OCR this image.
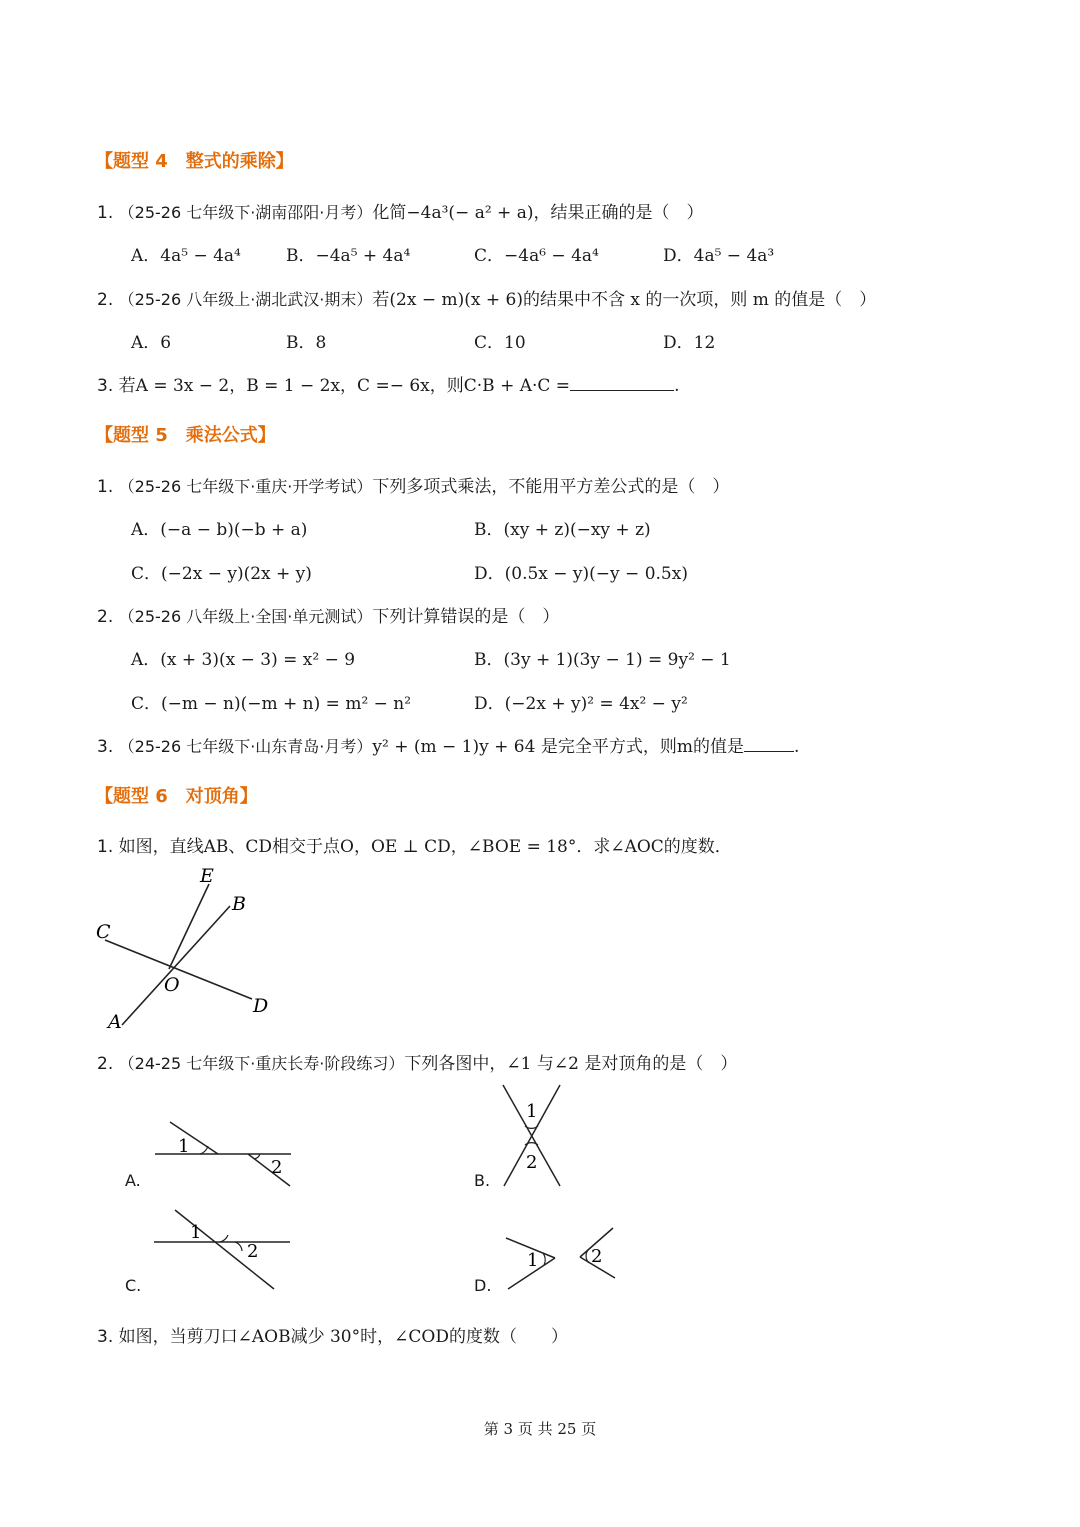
【题型 4　整式的乘除】
1. （25-26 七年级下·湖南邵阳·月考）化简−4a³(− a² + a)，结果正确的是（　）
A．4a⁵ − 4a⁴	B．−4a⁵ + 4a⁴	C．−4a⁶ − 4a⁴	D．4a⁵ − 4a³
2. （25-26 八年级上·湖北武汉·期末）若(2x − m)(x + 6)的结果中不含 x 的一次项，则 m 的值是（　）
A．6	B．8	C．10	D．12
3. 若A = 3x − 2，B = 1 − 2x，C =− 6x，则C·B + A·C =	.
【题型 5　乘法公式】
1. （25-26 七年级下·重庆·开学考试）下列多项式乘法，不能用平方差公式的是（　）
A．(−a − b)(−b + a)	B．(xy + z)(−xy + z)
C．(−2x − y)(2x + y)	D．(0.5x − y)(−y − 0.5x)
2. （25-26 八年级上·全国·单元测试）下列计算错误的是（　）
A．(x + 3)(x − 3) = x² − 9	B．(3y + 1)(3y − 1) = 9y² − 1
C．(−m − n)(−m + n) = m² − n²	D．(−2x + y)² = 4x² − y²
3. （25-26 七年级下·山东青岛·月考）y² + (m − 1)y + 64 是完全平方式，则m的值是	.
【题型 6　对顶角】
1. 如图，直线AB、CD相交于点O，OE ⊥ CD，∠BOE = 18°．求∠AOC的度数．
E
B
C
O
D
A
2. （24-25 七年级下·重庆长寿·阶段练习）下列各图中，∠1 与∠2 是对顶角的是（　）
A.
1
2
B.
1
2
C.
1
2
D.
1	2
3. 如图，当剪刀口∠AOB减少 30°时，∠COD的度数（　　）
第 3 页 共 25 页
